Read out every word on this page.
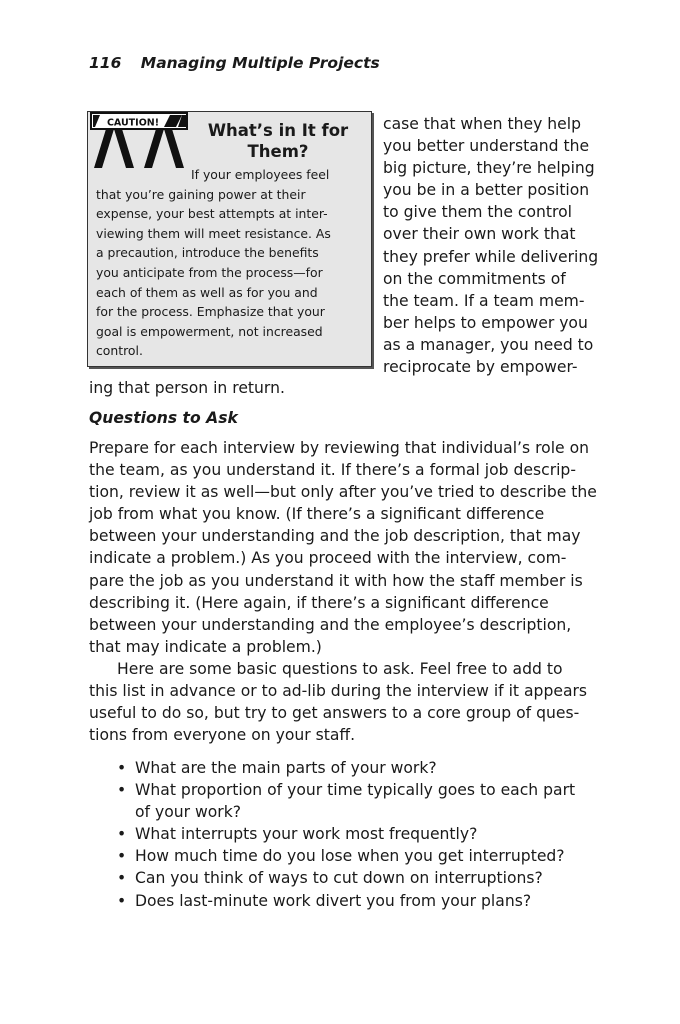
116 Managing Multiple Projects
CAUTION!	What’s in It for
Them?
If your employees feel
that you’re gaining power at their
expense, your best attempts at inter-
viewing them will meet resistance. As
a precaution, introduce the benefits
you anticipate from the process—for
each of them as well as for you and
for the process. Emphasize that your
goal is empowerment, not increased
control.
case that when they help
you better understand the
big picture, they’re helping
you be in a better position
to give them the control
over their own work that
they prefer while delivering
on the commitments of
the team. If a team mem-
ber helps to empower you
as a manager, you need to
reciprocate by empower-
ing that person in return.
Questions to Ask
Prepare for each interview by reviewing that individual’s role on
the team, as you understand it. If there’s a formal job descrip-
tion, review it as well—but only after you’ve tried to describe the
job from what you know. (If there’s a significant difference
between your understanding and the job description, that may
indicate a problem.) As you proceed with the interview, com-
pare the job as you understand it with how the staff member is
describing it. (Here again, if there’s a significant difference
between your understanding and the employee’s description,
that may indicate a problem.)
Here are some basic questions to ask. Feel free to add to
this list in advance or to ad-lib during the interview if it appears
useful to do so, but try to get answers to a core group of ques-
tions from everyone on your staff.
• What are the main parts of your work?
• What proportion of your time typically goes to each part
of your work?
• What interrupts your work most frequently?
• How much time do you lose when you get interrupted?
• Can you think of ways to cut down on interruptions?
• Does last-minute work divert you from your plans?
